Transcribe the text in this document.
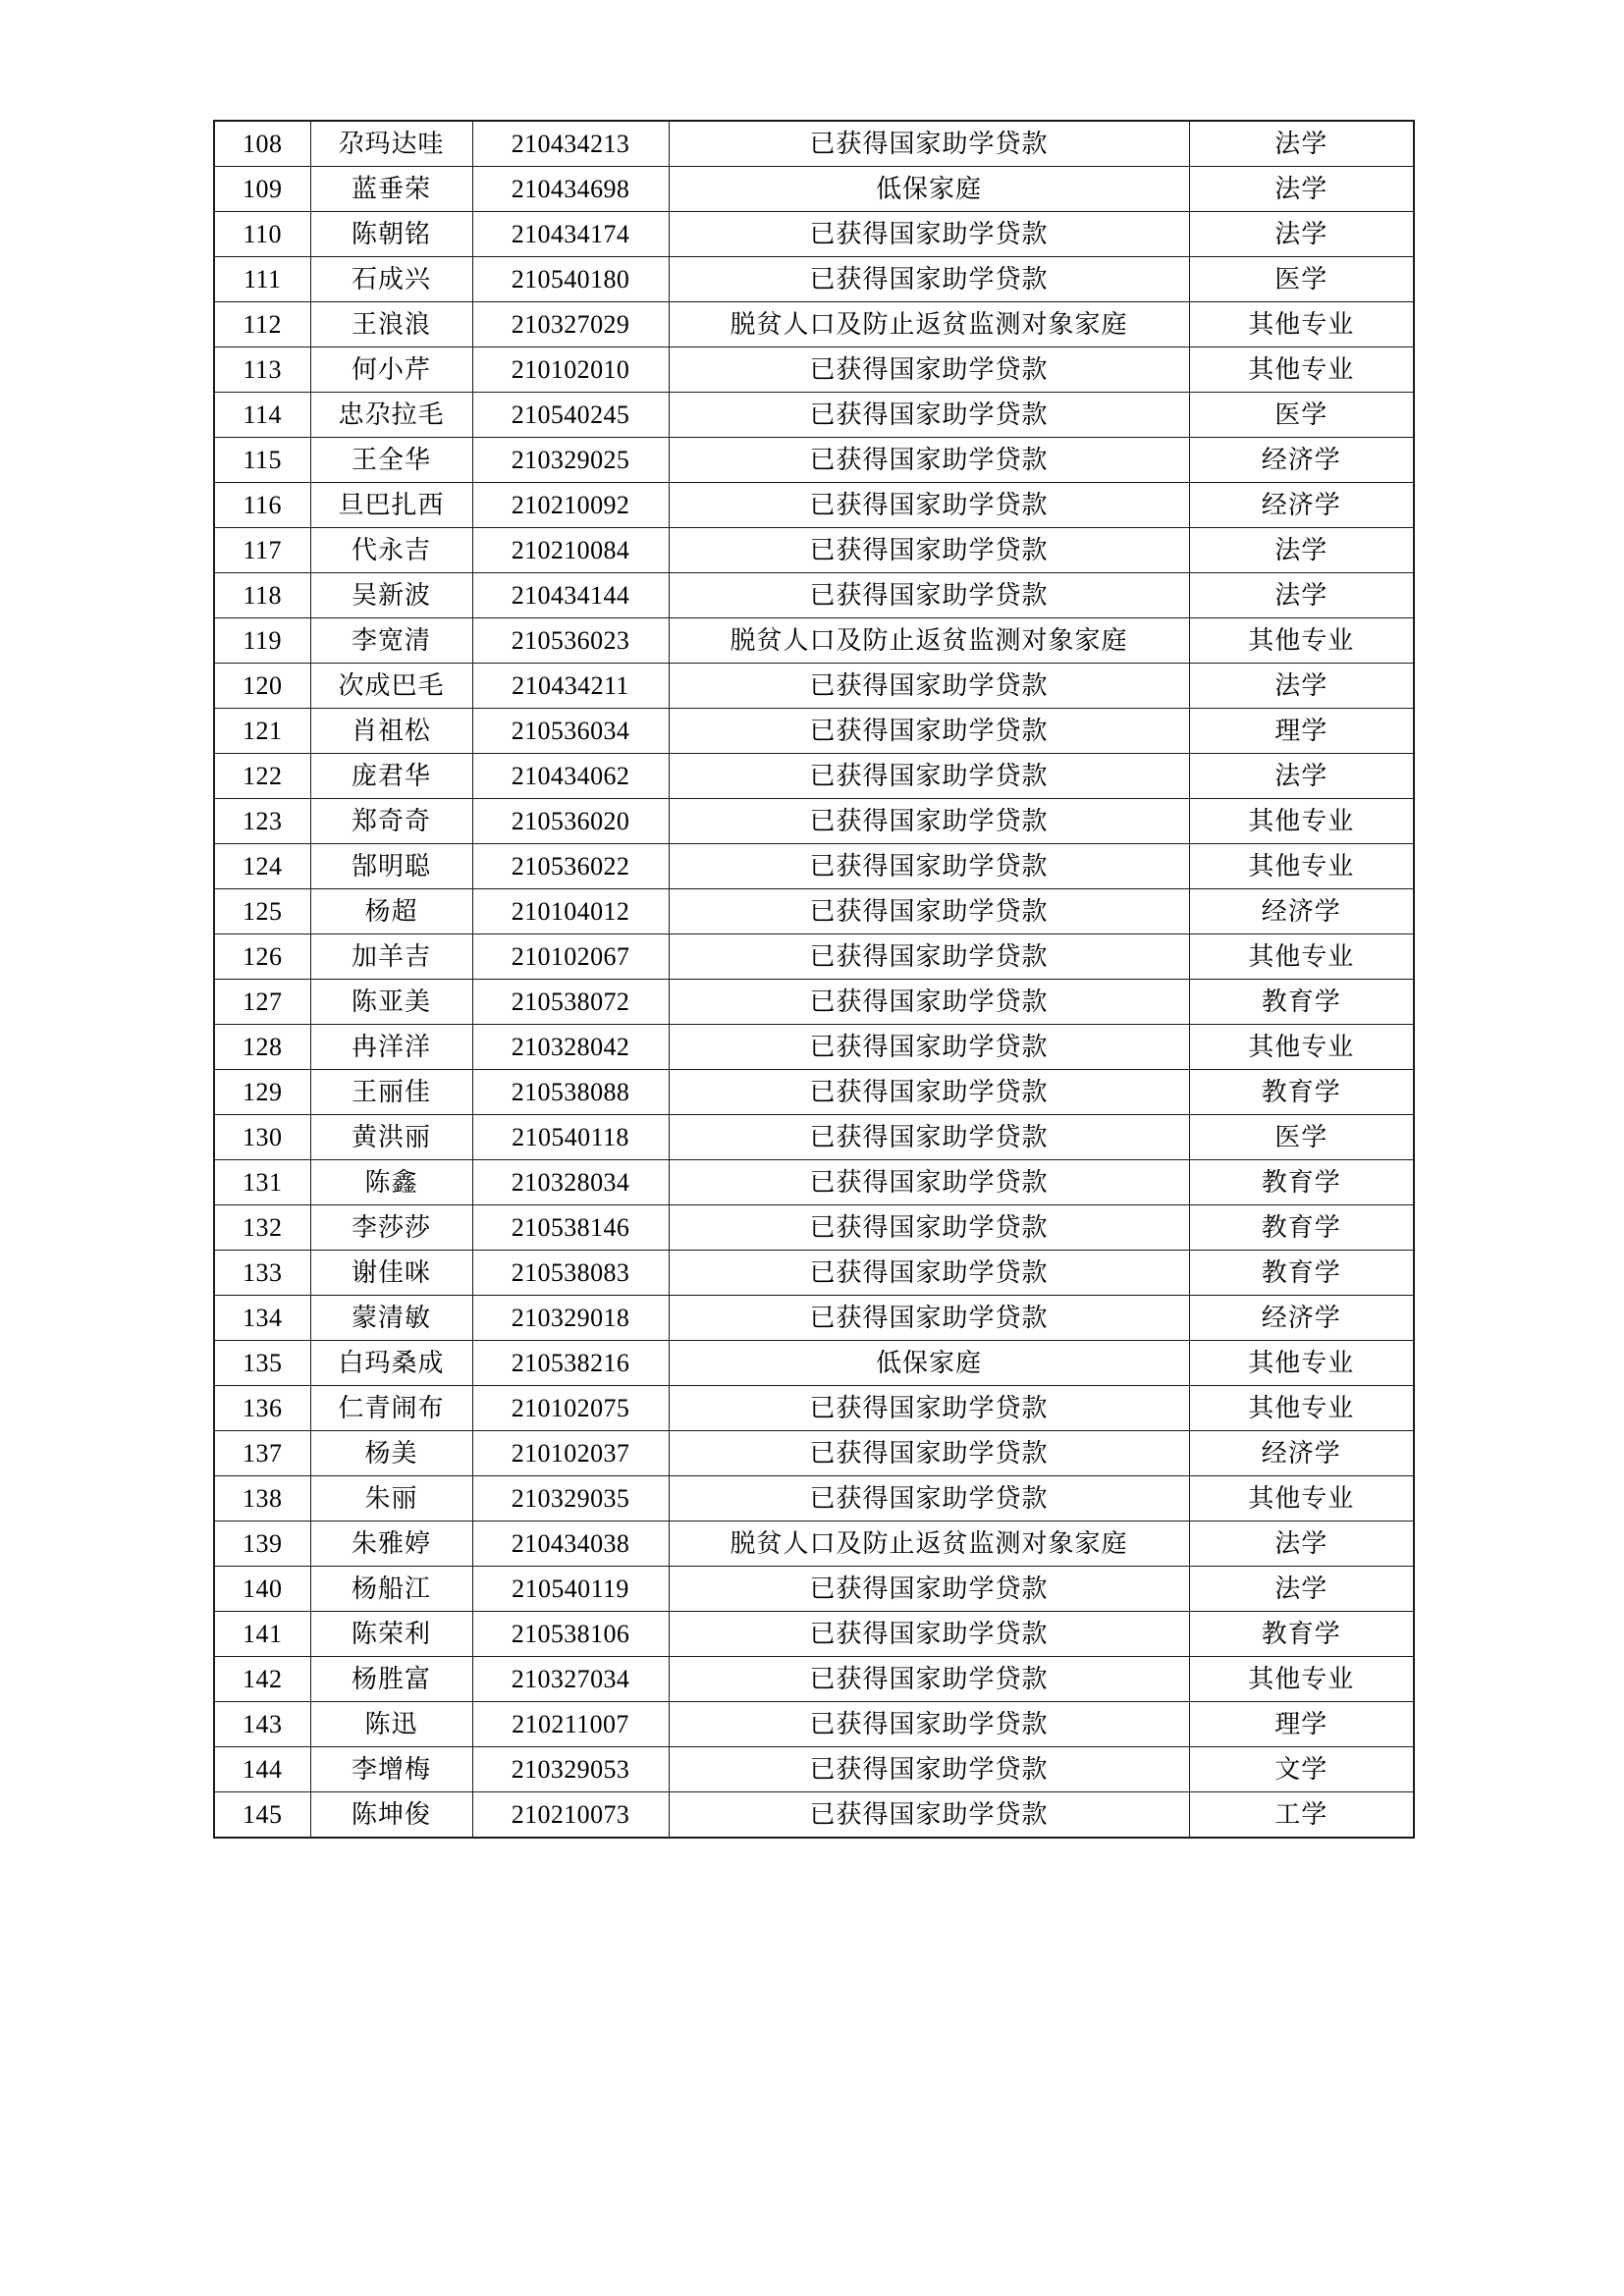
108	尕玛达哇	210434213	已获得国家助学贷款	法学
109	蓝垂荣	210434698	低保家庭	法学
110	陈朝铭	210434174	已获得国家助学贷款	法学
111	石成兴	210540180	已获得国家助学贷款	医学
112	王浪浪	210327029	脱贫人口及防止返贫监测对象家庭	其他专业
113	何小芹	210102010	已获得国家助学贷款	其他专业
114	忠尕拉毛	210540245	已获得国家助学贷款	医学
115	王全华	210329025	已获得国家助学贷款	经济学
116	旦巴扎西	210210092	已获得国家助学贷款	经济学
117	代永吉	210210084	已获得国家助学贷款	法学
118	吴新波	210434144	已获得国家助学贷款	法学
119	李宽清	210536023	脱贫人口及防止返贫监测对象家庭	其他专业
120	次成巴毛	210434211	已获得国家助学贷款	法学
121	肖祖松	210536034	已获得国家助学贷款	理学
122	庞君华	210434062	已获得国家助学贷款	法学
123	郑奇奇	210536020	已获得国家助学贷款	其他专业
124	郜明聪	210536022	已获得国家助学贷款	其他专业
125	杨超	210104012	已获得国家助学贷款	经济学
126	加羊吉	210102067	已获得国家助学贷款	其他专业
127	陈亚美	210538072	已获得国家助学贷款	教育学
128	冉洋洋	210328042	已获得国家助学贷款	其他专业
129	王丽佳	210538088	已获得国家助学贷款	教育学
130	黄洪丽	210540118	已获得国家助学贷款	医学
131	陈鑫	210328034	已获得国家助学贷款	教育学
132	李莎莎	210538146	已获得国家助学贷款	教育学
133	谢佳咪	210538083	已获得国家助学贷款	教育学
134	蒙清敏	210329018	已获得国家助学贷款	经济学
135	白玛桑成	210538216	低保家庭	其他专业
136	仁青闹布	210102075	已获得国家助学贷款	其他专业
137	杨美	210102037	已获得国家助学贷款	经济学
138	朱丽	210329035	已获得国家助学贷款	其他专业
139	朱雅婷	210434038	脱贫人口及防止返贫监测对象家庭	法学
140	杨船江	210540119	已获得国家助学贷款	法学
141	陈荣利	210538106	已获得国家助学贷款	教育学
142	杨胜富	210327034	已获得国家助学贷款	其他专业
143	陈迅	210211007	已获得国家助学贷款	理学
144	李增梅	210329053	已获得国家助学贷款	文学
145	陈坤俊	210210073	已获得国家助学贷款	工学
